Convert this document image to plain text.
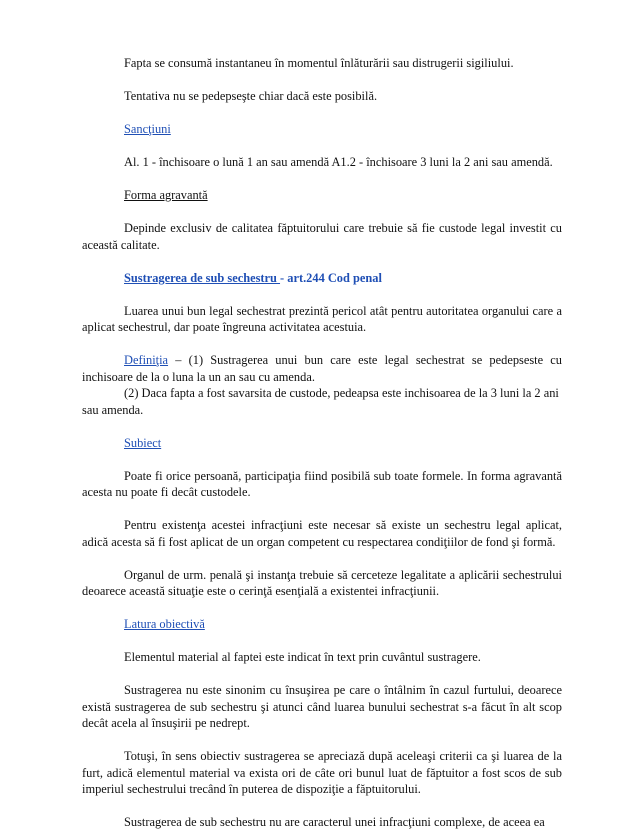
Fapta se consumă instantaneu în momentul înlăturării sau distrugerii sigiliului.

Tentativa nu se pedepseşte chiar dacă este posibilă.

Sancţiuni

Al. 1 - închisoare o lună 1 an sau amendă A1.2 - închisoare 3 luni la 2 ani sau amendă.

Forma agravantă

Depinde exclusiv de calitatea făptuitorului care trebuie să fie custode legal investit cu această calitate.

Sustragerea de sub sechestru - art.244 Cod penal

Luarea unui bun legal sechestrat prezintă pericol atât pentru autoritatea organului care a aplicat sechestrul, dar poate îngreuna activitatea acestuia.

Definiţia – (1) Sustragerea unui bun care este legal sechestrat se pedepseste cu inchisoare de la o luna la un an sau cu amenda.

(2) Daca fapta a fost savarsita de custode, pedeapsa este inchisoarea de la 3 luni la 2 ani sau amenda.

Subiect

Poate fi orice persoană, participaţia fiind posibilă sub toate formele. In forma agravantă acesta nu poate fi decât custodele.

Pentru existenţa acestei infracţiuni este necesar să existe un sechestru legal aplicat, adică acesta să fi fost aplicat de un organ competent cu respectarea condiţiilor de fond şi formă.

Organul de urm. penală şi instanţa trebuie să cerceteze legalitate a aplicării sechestrului deoarece această situaţie este o cerinţă esenţială a existentei infracţiunii.

Latura obiectivă

Elementul material al faptei este indicat în text prin cuvântul sustragere.

Sustragerea nu este sinonim cu însuşirea pe care o întâlnim în cazul furtului, deoarece există sustragerea de sub sechestru şi atunci când luarea bunului sechestrat s-a făcut în alt scop decât acela al însuşirii pe nedrept.

Totuşi, în sens obiectiv sustragerea se apreciază după aceleaşi criterii ca şi luarea de la furt, adică elementul material va exista ori de câte ori bunul luat de făptuitor a fost scos de sub imperiul sechestrului trecând în puterea de dispoziţie a făptuitorului.

Sustragerea de sub sechestru nu are caracterul unei infracţiuni complexe, de aceea ea
